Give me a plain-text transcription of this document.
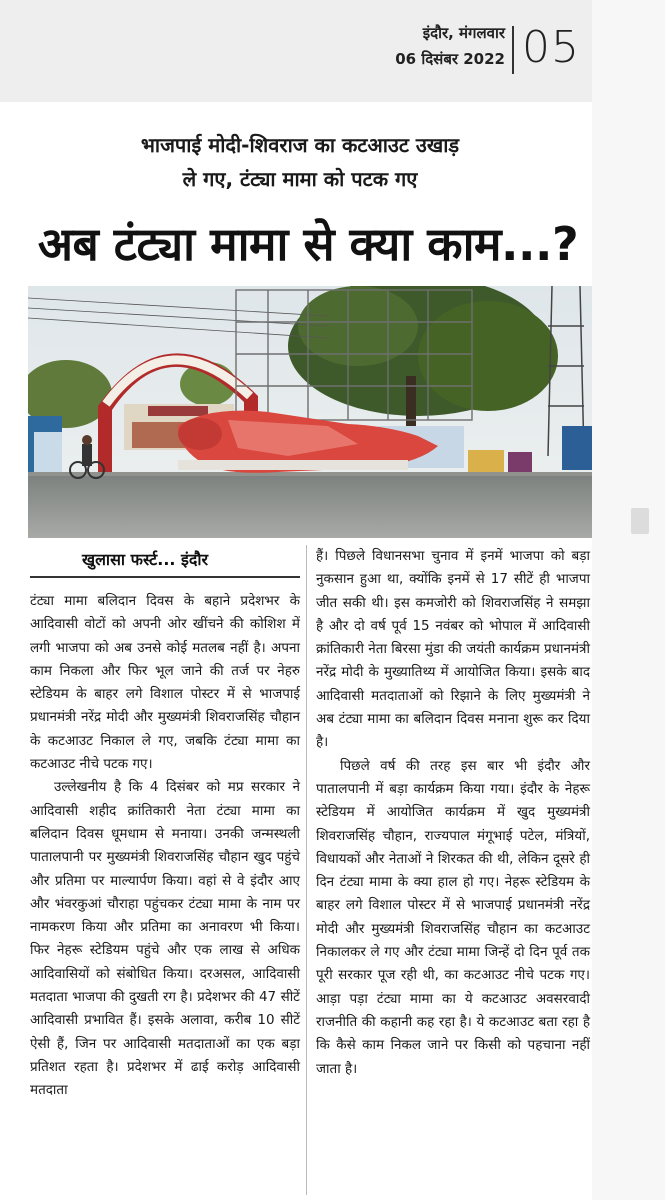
इंदौर, मंगलवार
06 दिसंबर 2022 05
भाजपाई मोदी-शिवराज का कटआउट उखाड़
ले गए, टंट्या मामा को पटक गए
अब टंट्या मामा से क्या काम...?
खुलासा फर्स्ट... इंदौर

टंट्या मामा बलिदान दिवस के बहाने प्रदेशभर के आदिवासी वोटों को अपनी ओर खींचने की कोशिश में लगी भाजपा को अब उनसे कोई मतलब नहीं है। अपना काम निकला और फिर भूल जाने की तर्ज पर नेहरु स्टेडियम के बाहर लगे विशाल पोस्टर में से भाजपाई प्रधानमंत्री नरेंद्र मोदी और मुख्यमंत्री शिवराजसिंह चौहान के कटआउट निकाल ले गए, जबकि टंट्या मामा का कटआउट नीचे पटक गए।

उल्लेखनीय है कि 4 दिसंबर को मप्र सरकार ने आदिवासी शहीद क्रांतिकारी नेता टंट्या मामा का बलिदान दिवस धूमधाम से मनाया। उनकी जन्मस्थली पातालपानी पर मुख्यमंत्री शिवराजसिंह चौहान खुद पहुंचे और प्रतिमा पर माल्यार्पण किया। वहां से वे इंदौर आए और भंवरकुआं चौराहा पहुंचकर टंट्या मामा के नाम पर नामकरण किया और प्रतिमा का अनावरण भी किया। फिर नेहरू स्टेडियम पहुंचे और एक लाख से अधिक आदिवासियों को संबोधित किया। दरअसल, आदिवासी मतदाता भाजपा की दुखती रग है। प्रदेशभर की 47 सीटें आदिवासी प्रभावित हैं। इसके अलावा, करीब 10 सीटें ऐसी हैं, जिन पर आदिवासी मतदाताओं का एक बड़ा प्रतिशत रहता है। प्रदेशभर में ढाई करोड़ आदिवासी मतदाता

हैं। पिछले विधानसभा चुनाव में इनमें भाजपा को बड़ा नुकसान हुआ था, क्योंकि इनमें से 17 सीटें ही भाजपा जीत सकी थी। इस कमजोरी को शिवराजसिंह ने समझा है और दो वर्ष पूर्व 15 नवंबर को भोपाल में आदिवासी क्रांतिकारी नेता बिरसा मुंडा की जयंती कार्यक्रम प्रधानमंत्री नरेंद्र मोदी के मुख्यातिथ्य में आयोजित किया। इसके बाद आदिवासी मतदाताओं को रिझाने के लिए मुख्यमंत्री ने अब टंट्या मामा का बलिदान दिवस मनाना शुरू कर दिया है।

पिछले वर्ष की तरह इस बार भी इंदौर और पातालपानी में बड़ा कार्यक्रम किया गया। इंदौर के नेहरू स्टेडियम में आयोजित कार्यक्रम में खुद मुख्यमंत्री शिवराजसिंह चौहान, राज्यपाल मंगूभाई पटेल, मंत्रियों, विधायकों और नेताओं ने शिरकत की थी, लेकिन दूसरे ही दिन टंट्या मामा के क्या हाल हो गए। नेहरू स्टेडियम के बाहर लगे विशाल पोस्टर में से भाजपाई प्रधानमंत्री नरेंद्र मोदी और मुख्यमंत्री शिवराजसिंह चौहान का कटआउट निकालकर ले गए और टंट्या मामा जिन्हें दो दिन पूर्व तक पूरी सरकार पूज रही थी, का कटआउट नीचे पटक गए। आड़ा पड़ा टंट्या मामा का ये कटआउट अवसरवादी राजनीति की कहानी कह रहा है। ये कटआउट बता रहा है कि कैसे काम निकल जाने पर किसी को पहचाना नहीं जाता है।
